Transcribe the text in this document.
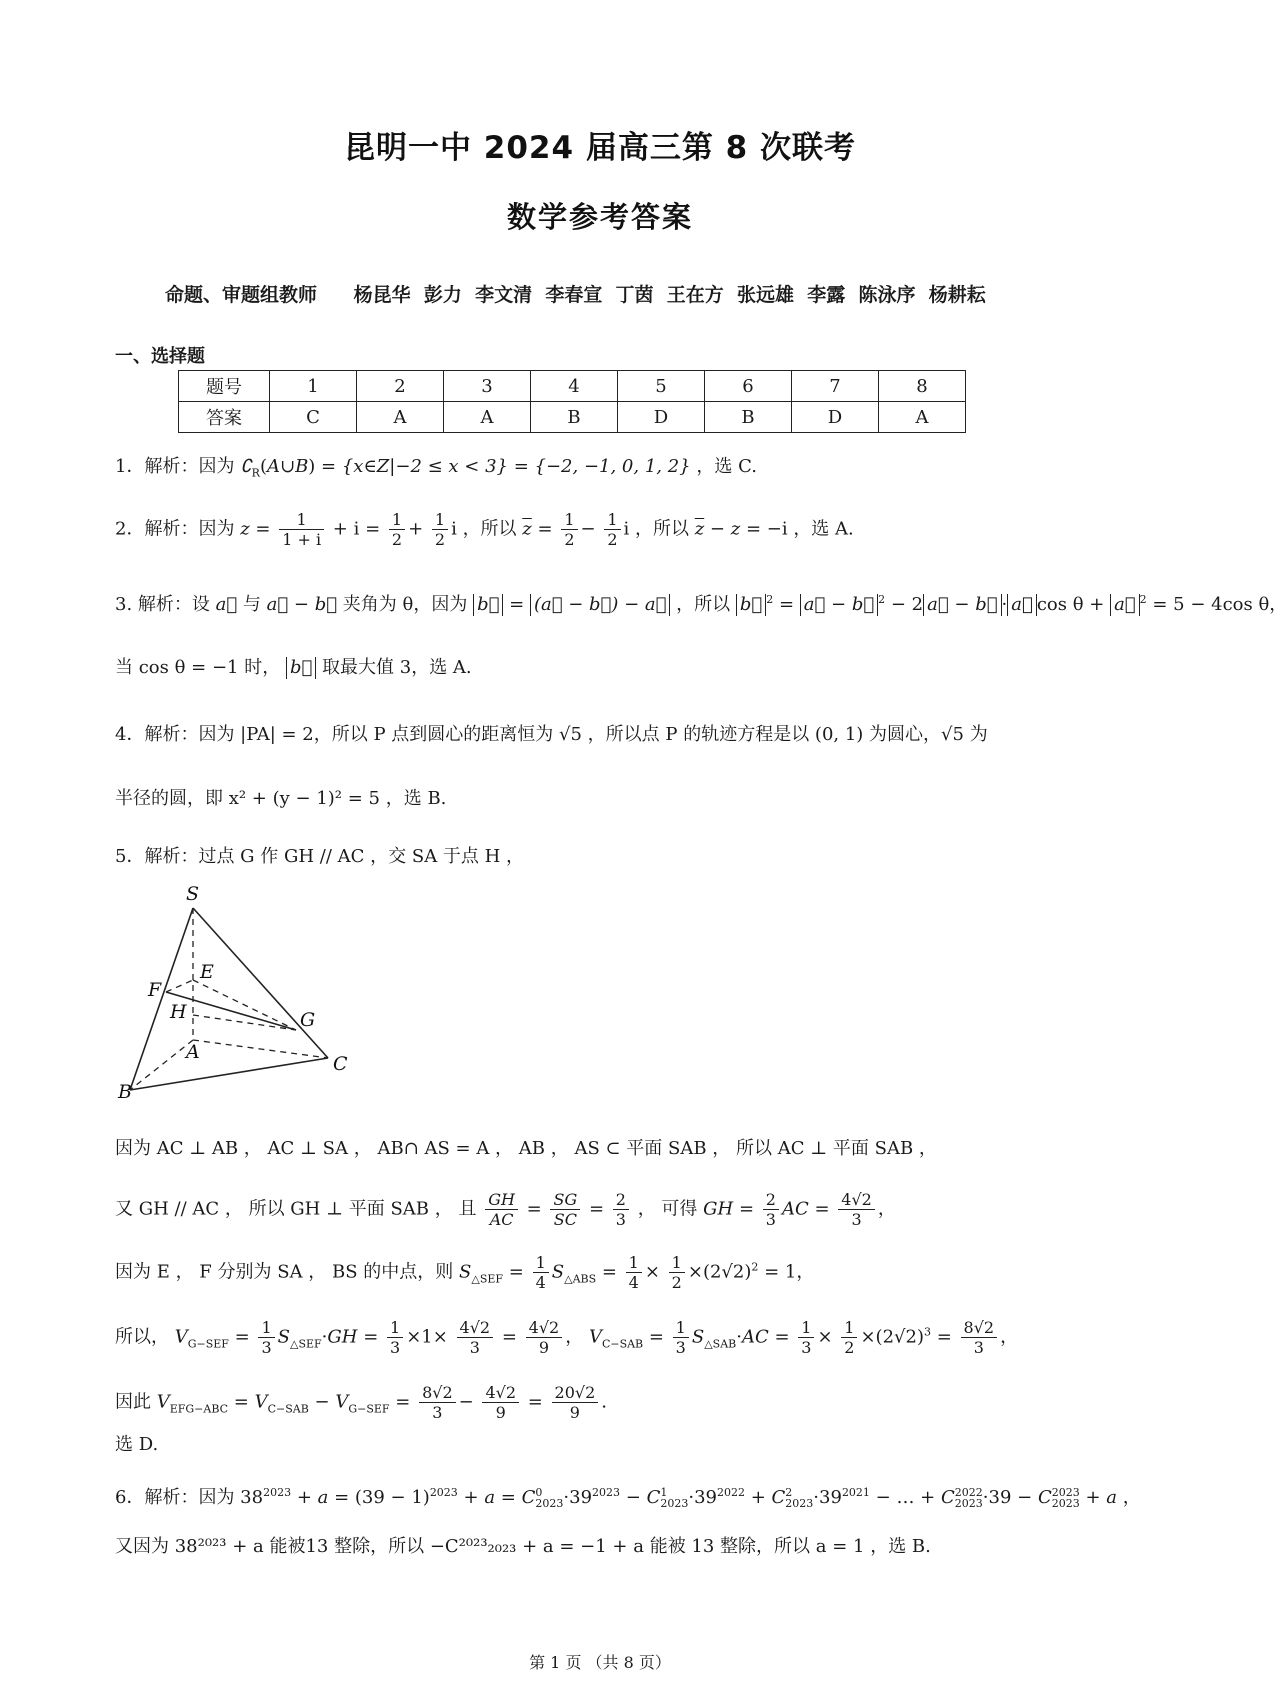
昆明一中 2024 届高三第 8 次联考
数学参考答案
命题、审题组教师 杨昆华  彭力  李文清  李春宣  丁茵  王在方  张远雄  李露  陈泳序  杨耕耘
一、选择题
题号	1	2	3	4	5	6	7	8
答案	C	A	A	B	D	B	D	A
1．解析：因为 $∁_R(A\cup B)$ = {x∈Z|−2 ≤ x < 3} = {−2, −1, 0, 1, 2} ，选 C.
2．解析：因为 $z = \frac{1}{1 + i} + i = \frac{1}{2} + \frac{1}{2}$ i ，所以 $\overline{z} = \frac{1}{2} - \frac{1}{2}$ i ，所以 $\overline{z} - z = -i$ ，选 A.
3. 解析：设 a⃗ 与 a⃗ − b⃗ 夹角为 θ，因为 b⃗ = (a⃗ − b⃗) − a⃗ ，所以 b⃗ $^2$ = a⃗ − b⃗ $^2$ − 2 a⃗ − b⃗ · a⃗ cos θ + a⃗ $^2$ = 5 − 4cos θ，
当 cos θ = −1 时， b⃗ 取最大值 3，选 A.
4．解析：因为 |PA| = 2，所以 P 点到圆心的距离恒为 √5 ，所以点 P 的轨迹方程是以 (0, 1) 为圆心，√5 为
半径的圆，即 x² + (y − 1)² = 5 ，选 B.
5．解析：过点 G 作 GH // AC ，交 SA 于点 H ，
S
E
F
H	G
A
C
B
因为 AC ⊥ AB ， AC ⊥ SA ， AB∩ AS = A ， AB ， AS ⊂ 平面 SAB ， 所以 AC ⊥ 平面 SAB ，
又 GH // AC ， 所以 GH ⊥ 平面 SAB ， 且 $\frac{GH}{AC} = \frac{SG}{SC} = \frac{2}{3}$ ， 可得 GH = $\frac{2}{3}$ AC = $\frac{4√2}{3}$ ，
因为 E ， F 分别为 SA ， BS 的中点，则 $S_{\triangle SEF} = \frac{1}{4} S_{\triangle ABS} = \frac{1}{4} \times \frac{1}{2} \times(2√2)^2 = 1$，
所以， $V_{G-SEF} = \frac{1}{3} S_{\triangle SEF}\cdot GH = \frac{1}{3} \times 1\times \frac{4√2}{3} = \frac{4√2}{9}$ ， $V_{C-SAB} = \frac{1}{3} S_{\triangle SAB}\cdot AC = \frac{1}{3} \times \frac{1}{2} \times(2√2)^3 = \frac{8√2}{3}$ ，
因此 $V_{EFG-ABC} = V_{C-SAB} - V_{G-SEF} = \frac{8√2}{3} - \frac{4√2}{9} = \frac{20√2}{9}$ .
选 D.
6．解析：因为 $38^{2023} + a = (39 - 1)^{2023} + a = C$ 0
$2023 \cdot 39^{2023} - C$ 1
$2023 \cdot 39^{2022} + C$ 2
$2023 \cdot 39^{2021}$ − … + C 2022
2023 ·39 − C 2023
2023 + a ，
又因为 38²⁰²³ + a 能被13 整除，所以 −C²⁰²³₂₀₂₃ + a = −1 + a 能被 13 整除，所以 a = 1 ，选 B.
第 1 页 （共 8 页）
